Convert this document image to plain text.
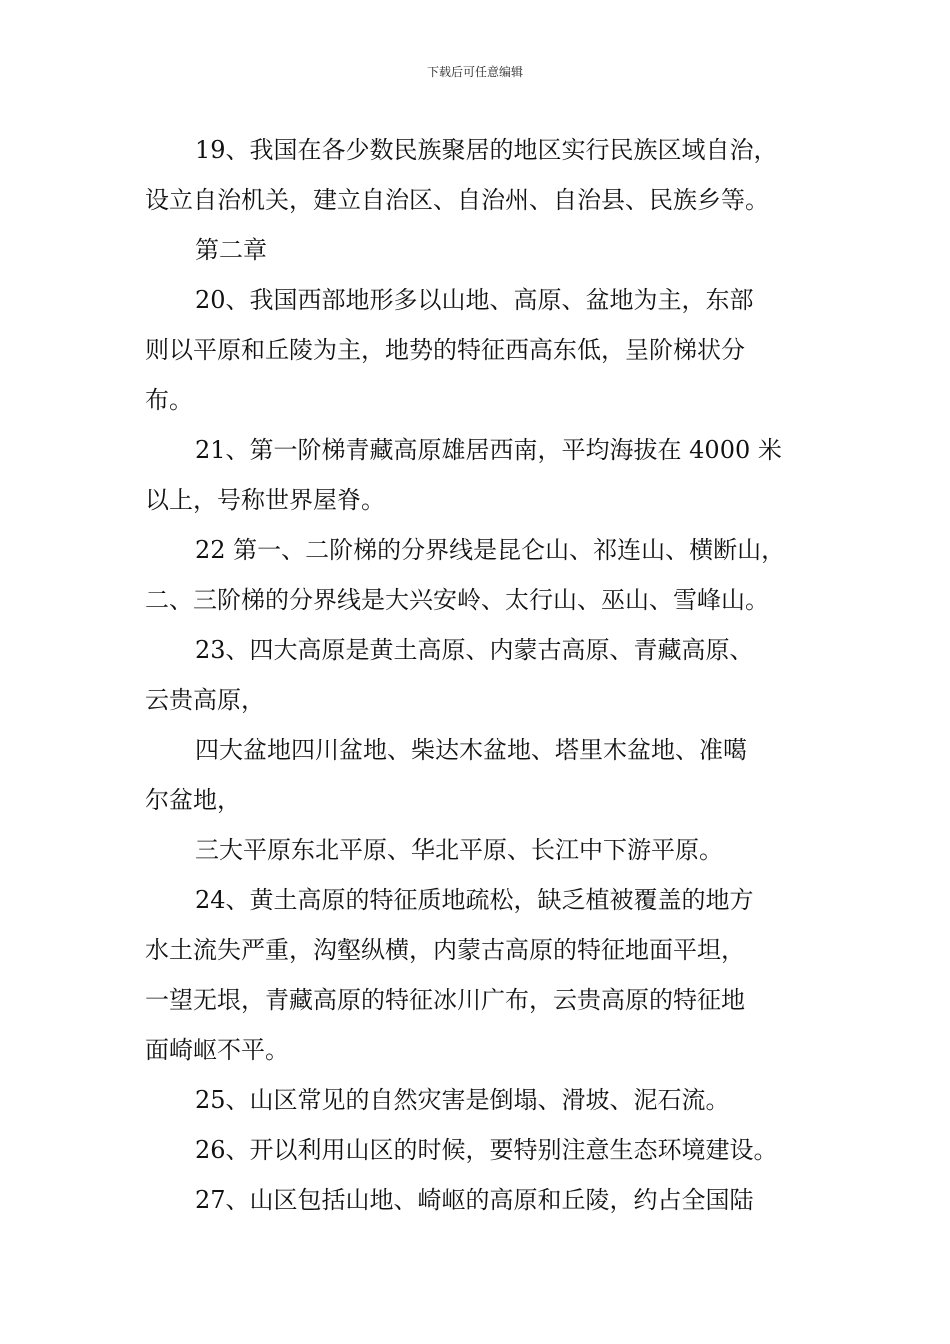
下载后可任意编辑
19、我国在各少数民族聚居的地区实行民族区域自治，
设立自治机关，建立自治区、自治州、自治县、民族乡等。
第二章
20、我国西部地形多以山地、高原、盆地为主，东部
则以平原和丘陵为主，地势的特征西高东低，呈阶梯状分
布。
21、第一阶梯青藏高原雄居西南，平均海拔在 4000 米
以上，号称世界屋脊。
22 第一、二阶梯的分界线是昆仑山、祁连山、横断山，
二、三阶梯的分界线是大兴安岭、太行山、巫山、雪峰山。
23、四大高原是黄土高原、内蒙古高原、青藏高原、
云贵高原，
四大盆地四川盆地、柴达木盆地、塔里木盆地、准噶
尔盆地，
三大平原东北平原、华北平原、长江中下游平原。
24、黄土高原的特征质地疏松，缺乏植被覆盖的地方
水土流失严重，沟壑纵横，内蒙古高原的特征地面平坦，
一望无垠，青藏高原的特征冰川广布，云贵高原的特征地
面崎岖不平。
25、山区常见的自然灾害是倒塌、滑坡、泥石流。
26、开以利用山区的时候，要特别注意生态环境建设。
27、山区包括山地、崎岖的高原和丘陵，约占全国陆
